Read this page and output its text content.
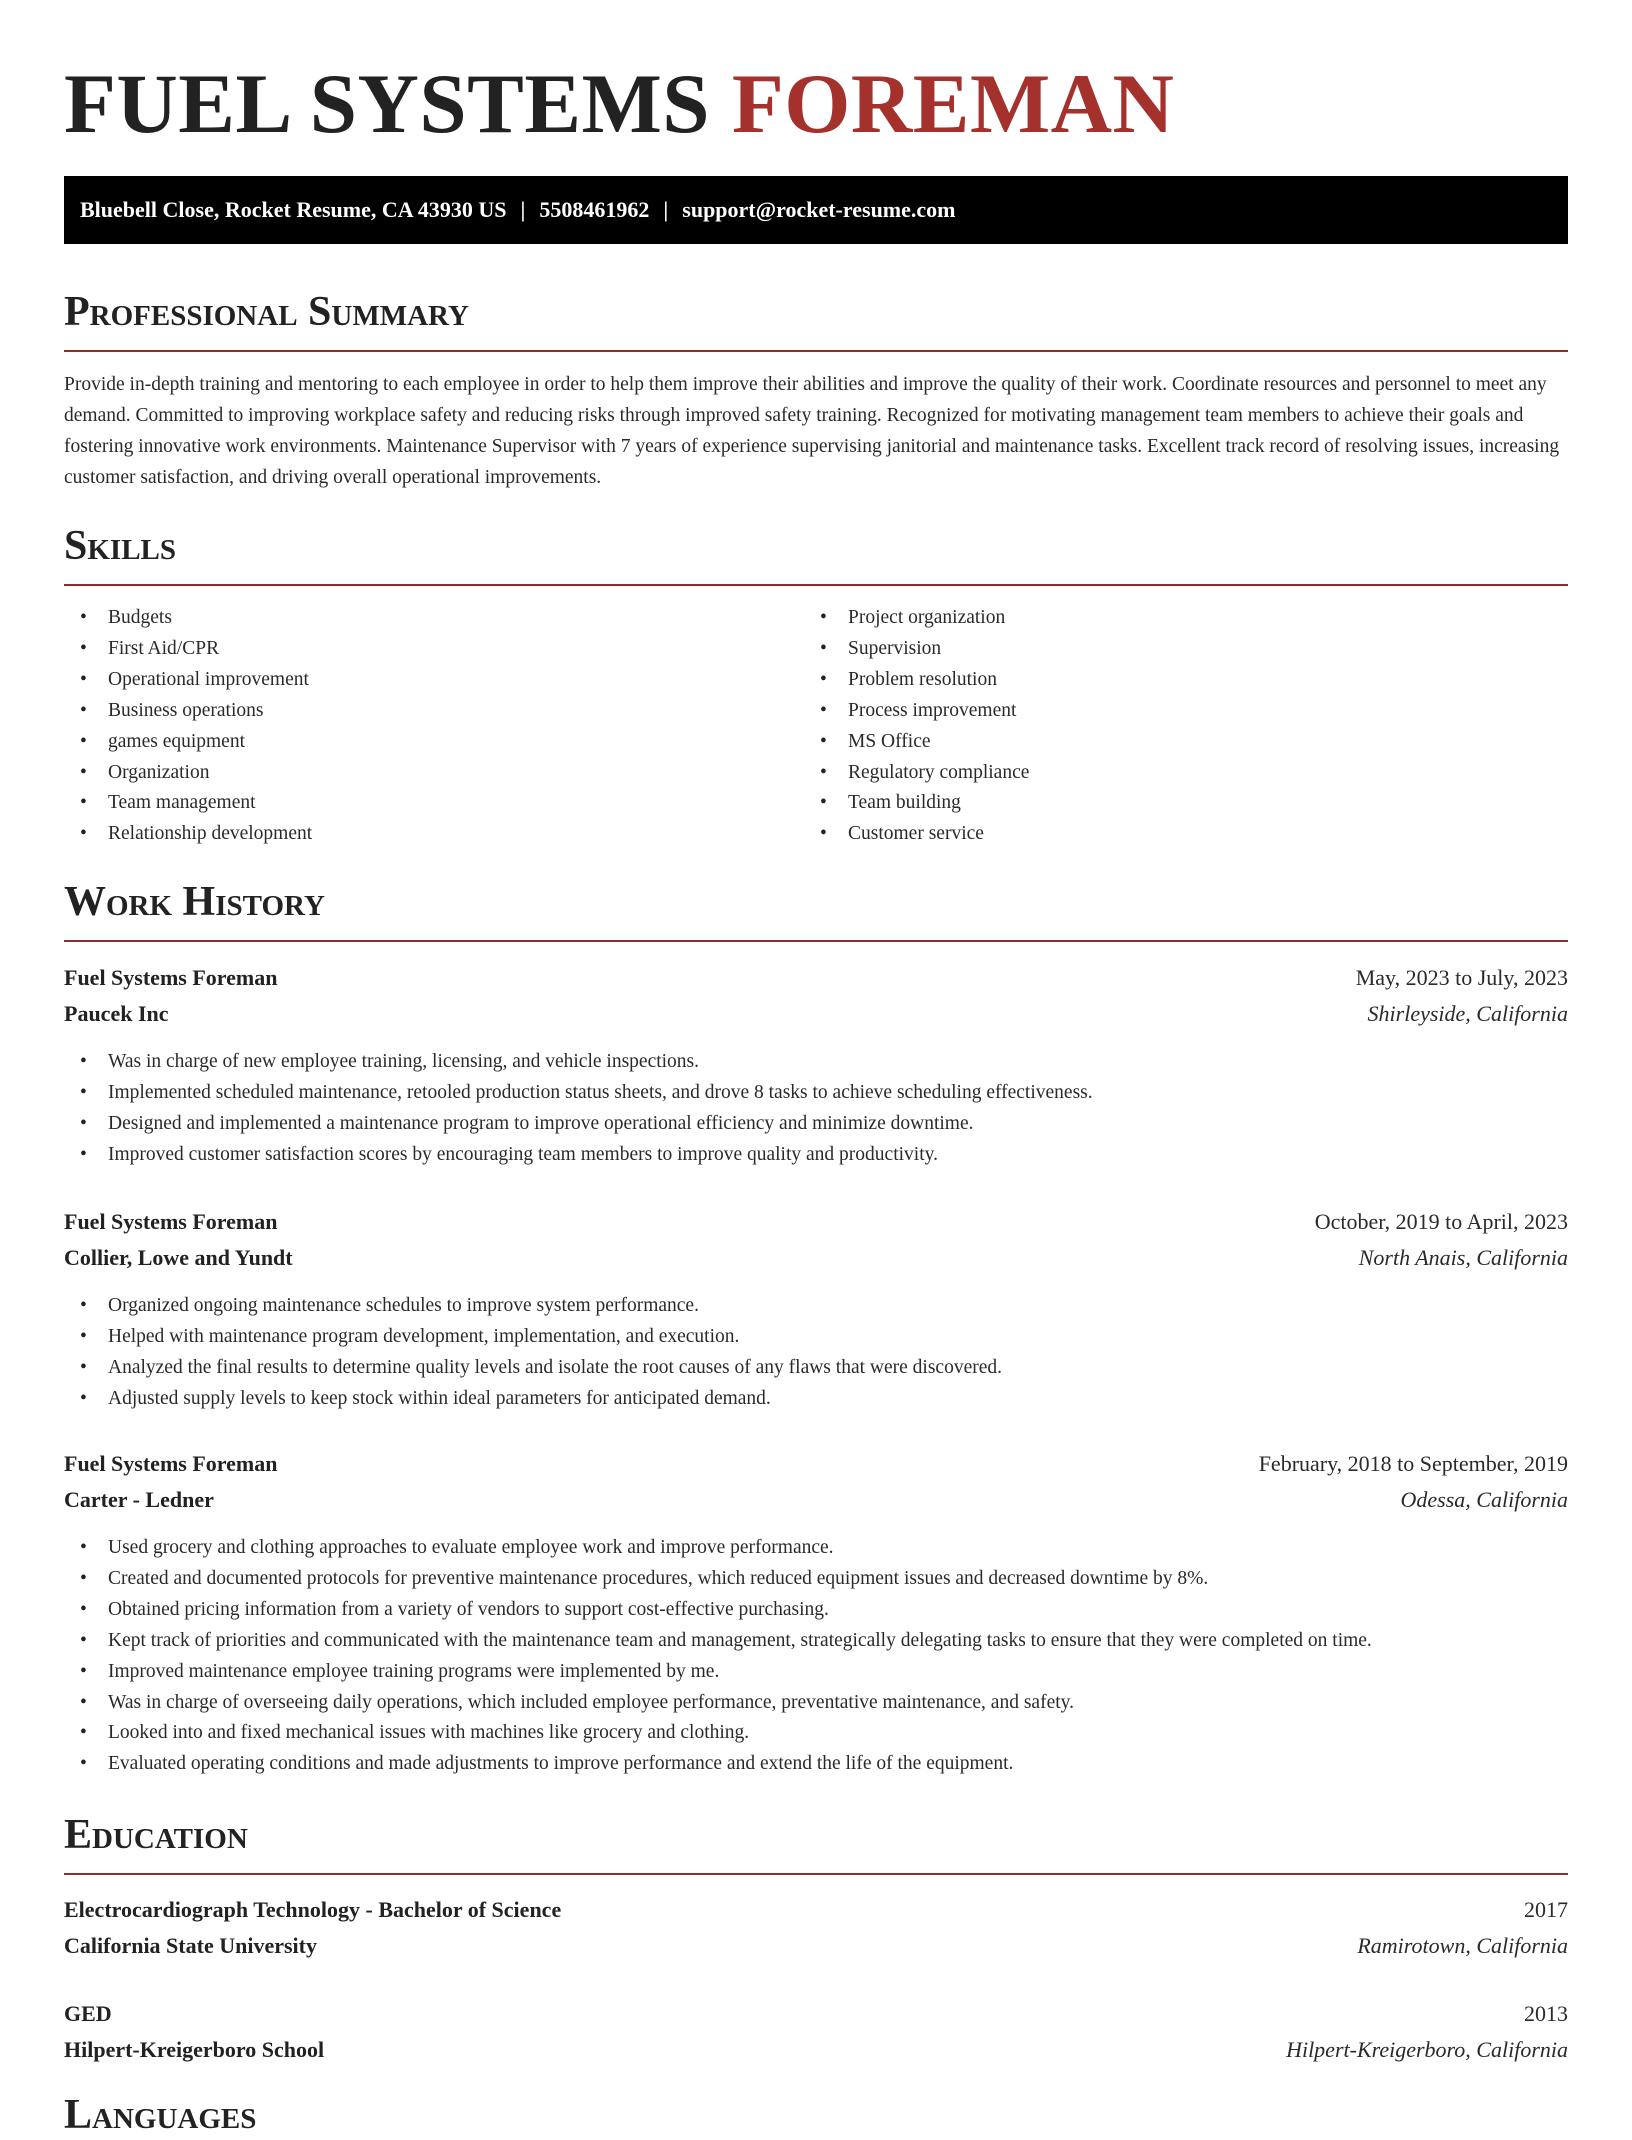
FUEL SYSTEMS FOREMAN
Bluebell Close, Rocket Resume, CA 43930 US | 5508461962 | support@rocket-resume.com
Professional Summary

Provide in-depth training and mentoring to each employee in order to help them improve their abilities and improve the quality of their work. Coordinate resources and personnel to meet any demand. Committed to improving workplace safety and reducing risks through improved safety training. Recognized for motivating management team members to achieve their goals and fostering innovative work environments. Maintenance Supervisor with 7 years of experience supervising janitorial and maintenance tasks. Excellent track record of resolving issues, increasing customer satisfaction, and driving overall operational improvements.

Skills
• Budgets
• First Aid/CPR
• Operational improvement
• Business operations
• games equipment
• Organization
• Team management
• Relationship development
• Project organization
• Supervision
• Problem resolution
• Process improvement
• MS Office
• Regulatory compliance
• Team building
• Customer service
Work History
Fuel Systems Foreman	May, 2023 to July, 2023
Paucek Inc	Shirleyside, California
• Was in charge of new employee training, licensing, and vehicle inspections.
• Implemented scheduled maintenance, retooled production status sheets, and drove 8 tasks to achieve scheduling effectiveness.
• Designed and implemented a maintenance program to improve operational efficiency and minimize downtime.
• Improved customer satisfaction scores by encouraging team members to improve quality and productivity.
Fuel Systems Foreman	October, 2019 to April, 2023
Collier, Lowe and Yundt	North Anais, California
• Organized ongoing maintenance schedules to improve system performance.
• Helped with maintenance program development, implementation, and execution.
• Analyzed the final results to determine quality levels and isolate the root causes of any flaws that were discovered.
• Adjusted supply levels to keep stock within ideal parameters for anticipated demand.
Fuel Systems Foreman	February, 2018 to September, 2019
Carter - Ledner	Odessa, California
• Used grocery and clothing approaches to evaluate employee work and improve performance.
• Created and documented protocols for preventive maintenance procedures, which reduced equipment issues and decreased downtime by 8%.
• Obtained pricing information from a variety of vendors to support cost-effective purchasing.
• Kept track of priorities and communicated with the maintenance team and management, strategically delegating tasks to ensure that they were completed on time.
• Improved maintenance employee training programs were implemented by me.
• Was in charge of overseeing daily operations, which included employee performance, preventative maintenance, and safety.
• Looked into and fixed mechanical issues with machines like grocery and clothing.
• Evaluated operating conditions and made adjustments to improve performance and extend the life of the equipment.
Education
Electrocardiograph Technology - Bachelor of Science	2017
California State University	Ramirotown, California
GED	2013
Hilpert-Kreigerboro School	Hilpert-Kreigerboro, California
Languages
